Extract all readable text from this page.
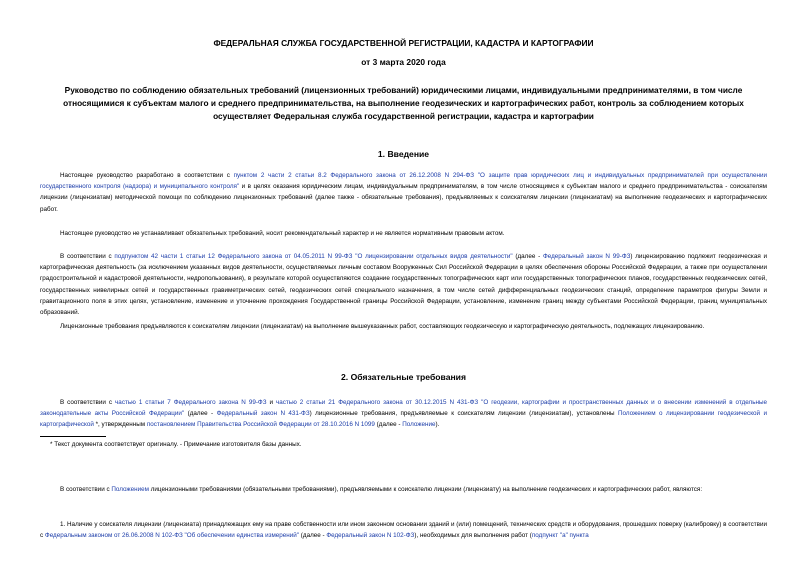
ФЕДЕРАЛЬНАЯ СЛУЖБА ГОСУДАРСТВЕННОЙ РЕГИСТРАЦИИ, КАДАСТРА И КАРТОГРАФИИ
от 3 марта 2020 года
Руководство по соблюдению обязательных требований (лицензионных требований) юридическими лицами, индивидуальными предпринимателями, в том числе относящимися к субъектам малого и среднего предпринимательства, на выполнение геодезических и картографических работ, контроль за соблюдением которых осуществляет Федеральная служба государственной регистрации, кадастра и картографии
1. Введение
Настоящее руководство разработано в соответствии с пунктом 2 части 2 статьи 8.2 Федерального закона от 26.12.2008 N 294-ФЗ "О защите прав юридических лиц и индивидуальных предпринимателей при осуществлении государственного контроля (надзора) и муниципального контроля" и в целях оказания юридическим лицам, индивидуальным предпринимателям, в том числе относящимся к субъектам малого и среднего предпринимательства - соискателям лицензии (лицензиатам) методической помощи по соблюдению лицензионных требований (далее также - обязательные требования), предъявляемых к соискателям лицензии (лицензиатам) на выполнение геодезических и картографических работ.
Настоящее руководство не устанавливает обязательных требований, носит рекомендательный характер и не является нормативным правовым актом.
В соответствии с подпунктом 42 части 1 статьи 12 Федерального закона от 04.05.2011 N 99-ФЗ "О лицензировании отдельных видов деятельности" (далее - Федеральный закон N 99-ФЗ) лицензированию подлежит геодезическая и картографическая деятельность (за исключением указанных видов деятельности, осуществляемых личным составом Вооруженных Сил Российской Федерации в целях обеспечения обороны Российской Федерации, а также при осуществлении градостроительной и кадастровой деятельности, недропользования), в результате которой осуществляются создание государственных топографических карт или государственных топографических планов, государственных геодезических сетей, государственных нивелирных сетей и государственных гравиметрических сетей, геодезических сетей специального назначения, в том числе сетей дифференциальных геодезических станций, определение параметров фигуры Земли и гравитационного поля в этих целях, установление, изменение и уточнение прохождения Государственной границы Российской Федерации, установление, изменение границ между субъектами Российской Федерации, границ муниципальных образований.
Лицензионные требования предъявляются к соискателям лицензии (лицензиатам) на выполнение вышеуказанных работ, составляющих геодезическую и картографическую деятельность, подлежащих лицензированию.
2. Обязательные требования
В соответствии с частью 1 статьи 7 Федерального закона N 99-ФЗ и частью 2 статьи 21 Федерального закона от 30.12.2015 N 431-ФЗ "О геодезии, картографии и пространственных данных и о внесении изменений в отдельные законодательные акты Российской Федерации" (далее - Федеральный закон N 431-ФЗ) лицензионные требования, предъявляемые к соискателям лицензии (лицензиатам), установлены Положением о лицензировании геодезической и картографической *, утвержденным постановлением Правительства Российской Федерации от 28.10.2016 N 1099 (далее - Положение).
* Текст документа соответствует оригиналу. - Примечание изготовителя базы данных.
В соответствии с Положением лицензионными требованиями (обязательными требованиями), предъявляемыми к соискателю лицензии (лицензиату) на выполнение геодезических и картографических работ, являются:
1. Наличие у соискателя лицензии (лицензиата) принадлежащих ему на праве собственности или ином законном основании зданий и (или) помещений, технических средств и оборудования, прошедших поверку (калибровку) в соответствии с Федеральным законом от 26.06.2008 N 102-ФЗ "Об обеспечении единства измерений" (далее - Федеральный закон N 102-ФЗ), необходимых для выполнения работ (подпункт "а" пункта
